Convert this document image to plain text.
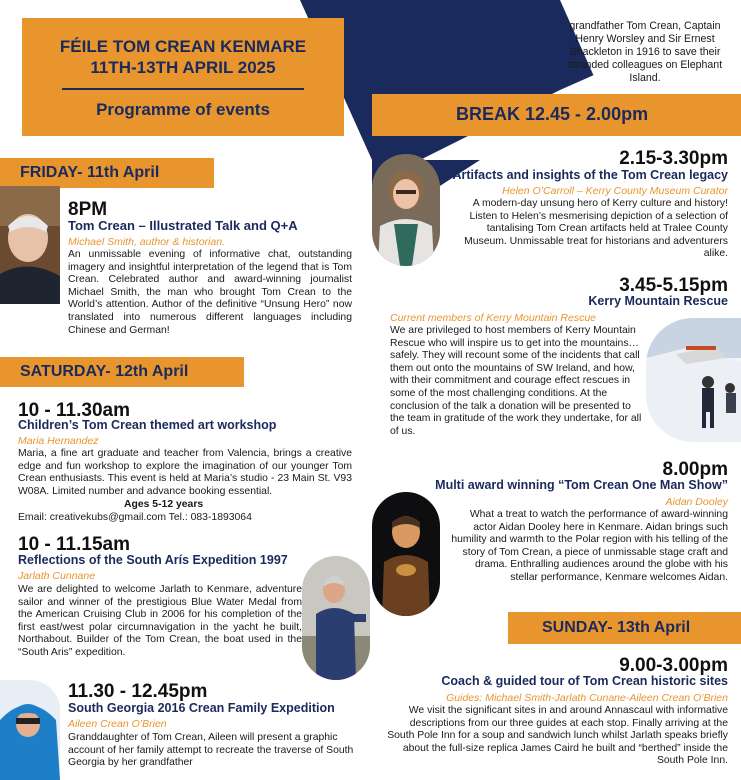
FÉILE TOM CREAN KENMARE
11TH-13TH APRIL 2025
Programme of events
grandfather Tom Crean, Captain Henry Worsley and Sir Ernest Shackleton in 1916 to save their stranded colleagues on Elephant Island.
BREAK 12.45 - 2.00pm
FRIDAY- 11th April
8PM
Tom Crean – Illustrated Talk and Q+A
Michael Smith, author & historian.
An unmissable evening of informative chat, outstanding imagery and insightful interpretation of the legend that is Tom Crean. Celebrated author and award-winning journalist Michael Smith, the man who brought Tom Crean to the World’s attention. Author of the definitive “Unsung Hero” now translated into numerous different languages including Chinese and German!
SATURDAY- 12th April
10 - 11.30am
Children’s Tom Crean themed art workshop
Maria Hernandez
Maria, a fine art graduate and teacher from Valencia, brings a creative edge and fun workshop to explore the imagination of our younger Tom Crean enthusiasts. This event is held at Maria’s studio - 23 Main St. V93 W08A. Limited number and advance booking essential.
Ages 5-12 years
Email: creativekubs@gmail.com Tel.: 083-1893064
10 - 11.15am
Reflections of the South Arís Expedition 1997
Jarlath Cunnane
We are delighted to welcome Jarlath to Kenmare, adventure sailor and winner of the prestigious Blue Water Medal from the American Cruising Club in 2006 for his completion of the first east/west polar circumnavigation in the yacht he built, Northabout. Builder of the Tom Crean, the boat used in the “South Aris” expedition.
11.30 - 12.45pm
South Georgia 2016 Crean Family Expedition
Aileen Crean O’Brien
Granddaughter of Tom Crean, Aileen will present a graphic account of her family attempt to recreate the traverse of South Georgia by her grandfather
2.15-3.30pm
Artifacts and insights of the Tom Crean legacy
Helen O’Carroll – Kerry County Museum Curator
A modern-day unsung hero of Kerry culture and history! Listen to Helen’s mesmerising depiction of a selection of tantalising Tom Crean artifacts held at Tralee County Museum. Unmissable treat for historians and adventurers alike.
3.45-5.15pm
Kerry Mountain Rescue
Current members of Kerry Mountain Rescue
We are privileged to host members of Kerry Mountain Rescue who will inspire us to get into the mountains…safely. They will recount some of the incidents that call them out onto the mountains of SW Ireland, and how, with their commitment and courage effect rescues in some of the most challenging conditions. At the conclusion of the talk a donation will be presented to the team in gratitude of the work they undertake, for all of us.
8.00pm
Multi award winning “Tom Crean One Man Show”
Aidan Dooley
What a treat to watch the performance of award-winning actor Aidan Dooley here in Kenmare. Aidan brings such humility and warmth to the Polar region with his telling of the story of Tom Crean, a piece of unmissable stage craft and drama. Enthralling audiences around the globe with his stellar performance, Kenmare welcomes Aidan.
SUNDAY- 13th April
9.00-3.00pm
Coach & guided tour of Tom Crean historic sites
Guides: Michael Smith-Jarlath Cunane-Aileen Crean O’Brien
We visit the significant sites in and around Annascaul with informative descriptions from our three guides at each stop. Finally arriving at the South Pole Inn for a soup and sandwich lunch whilst Jarlath speaks briefly about the full-size replica James Caird he built and “berthed” inside the South Pole Inn.
